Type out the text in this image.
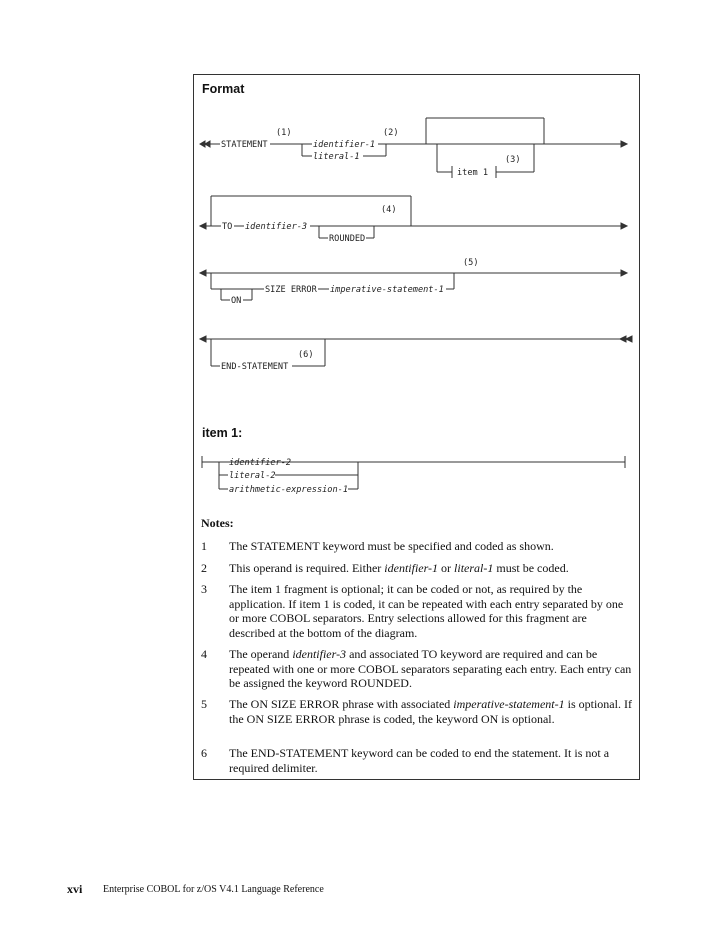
Format
item 1:
STATEMENT
(1)
identifier-1
literal-1
(2)
item 1
(3)
TO identifier-3
ROUNDED
(4)
(5)
ON
SIZE ERROR imperative-statement-1
END-STATEMENT
(6)
identifier-2
literal-2
arithmetic-expression-1
Notes:
1 The STATEMENT keyword must be specified and coded as shown.
2 This operand is required. Either identifier-1 or literal-1 must be coded.
3 The item 1 fragment is optional; it can be coded or not, as required by the application. If item 1 is coded, it can be repeated with each entry separated by one or more COBOL separators. Entry selections allowed for this fragment are described at the bottom of the diagram.
4 The operand identifier-3 and associated TO keyword are required and can be repeated with one or more COBOL separators separating each entry. Each entry can be assigned the keyword ROUNDED.
5 The ON SIZE ERROR phrase with associated imperative-statement-1 is optional. If the ON SIZE ERROR phrase is coded, the keyword ON is optional.
6 The END-STATEMENT keyword can be coded to end the statement. It is not a required delimiter.
xvi Enterprise COBOL for z/OS V4.1 Language Reference
